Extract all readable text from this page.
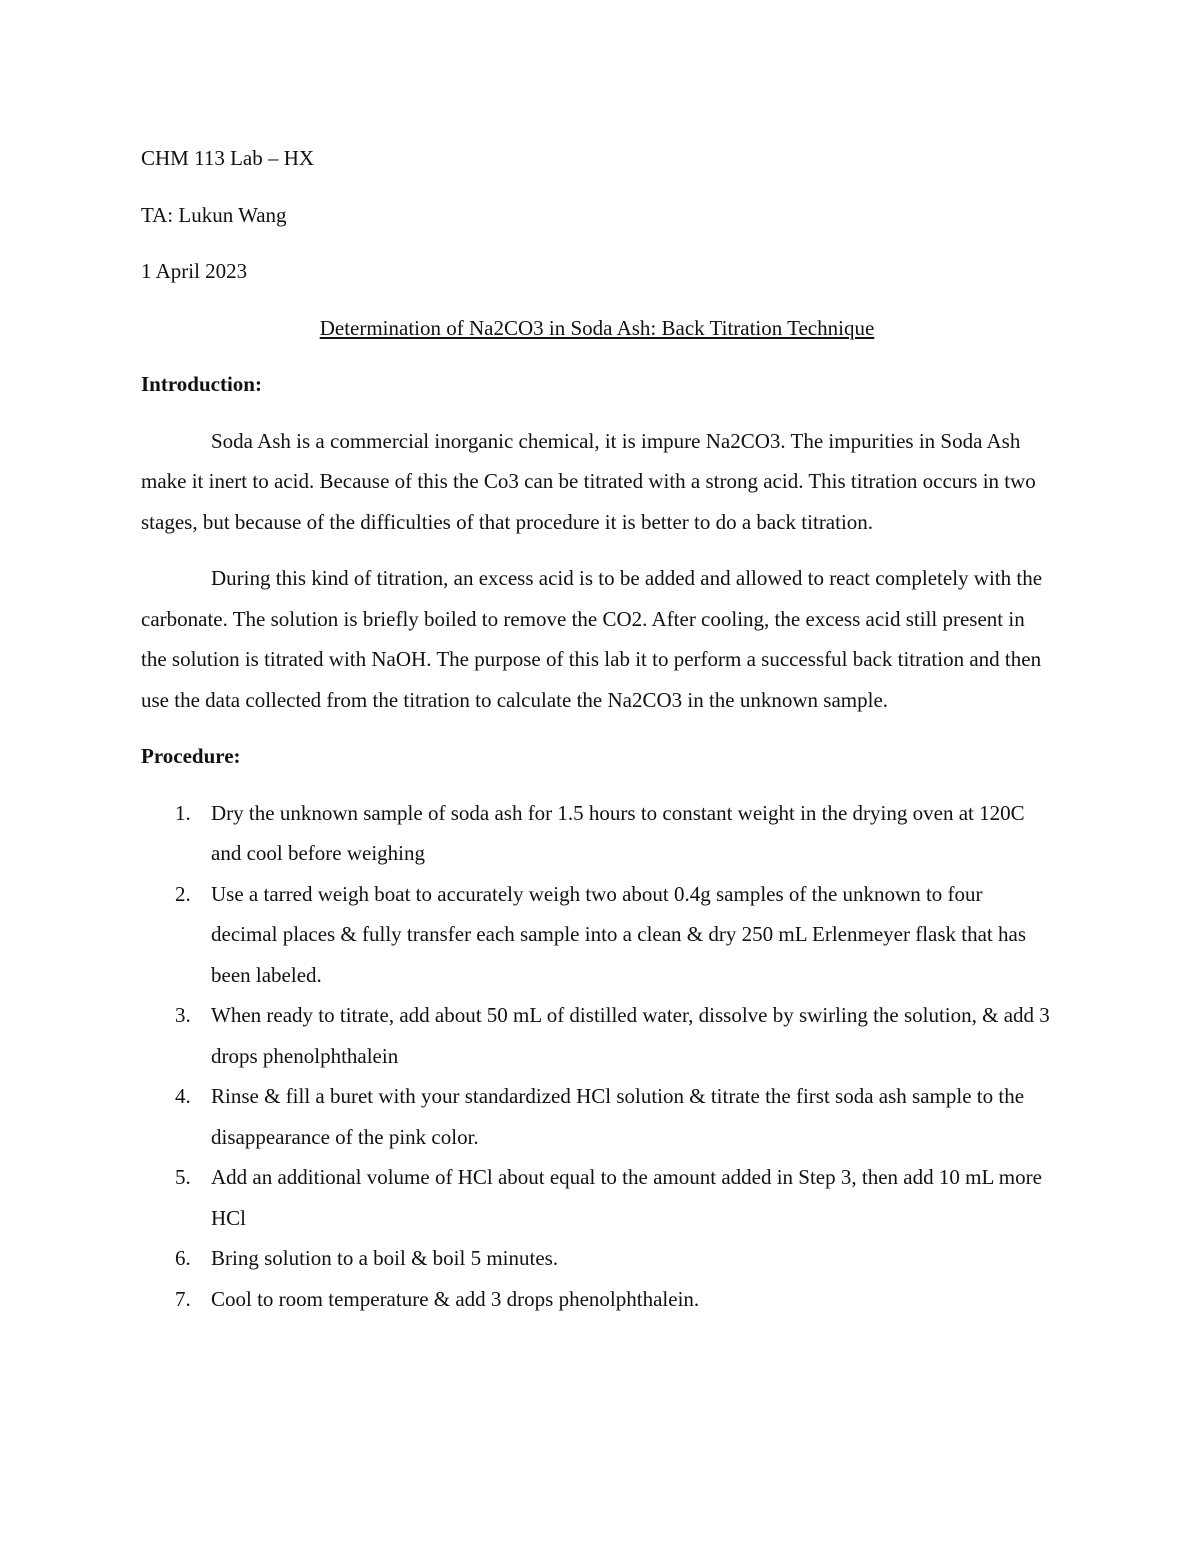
CHM 113 Lab – HX
TA: Lukun Wang
1 April 2023
Determination of Na2CO3 in Soda Ash: Back Titration Technique
Introduction:

Soda Ash is a commercial inorganic chemical, it is impure Na2CO3. The impurities in Soda Ash make it inert to acid. Because of this the Co3 can be titrated with a strong acid. This titration occurs in two stages, but because of the difficulties of that procedure it is better to do a back titration.

During this kind of titration, an excess acid is to be added and allowed to react completely with the carbonate. The solution is briefly boiled to remove the CO2. After cooling, the excess acid still present in the solution is titrated with NaOH. The purpose of this lab it to perform a successful back titration and then use the data collected from the titration to calculate the Na2CO3 in the unknown sample.

Procedure:
1. Dry the unknown sample of soda ash for 1.5 hours to constant weight in the drying oven at 120C and cool before weighing
2. Use a tarred weigh boat to accurately weigh two about 0.4g samples of the unknown to four decimal places & fully transfer each sample into a clean & dry 250 mL Erlenmeyer flask that has been labeled.
3. When ready to titrate, add about 50 mL of distilled water, dissolve by swirling the solution, & add 3 drops phenolphthalein
4. Rinse & fill a buret with your standardized HCl solution & titrate the first soda ash sample to the disappearance of the pink color.
5. Add an additional volume of HCl about equal to the amount added in Step 3, then add 10 mL more HCl
6. Bring solution to a boil & boil 5 minutes.
7. Cool to room temperature & add 3 drops phenolphthalein.
